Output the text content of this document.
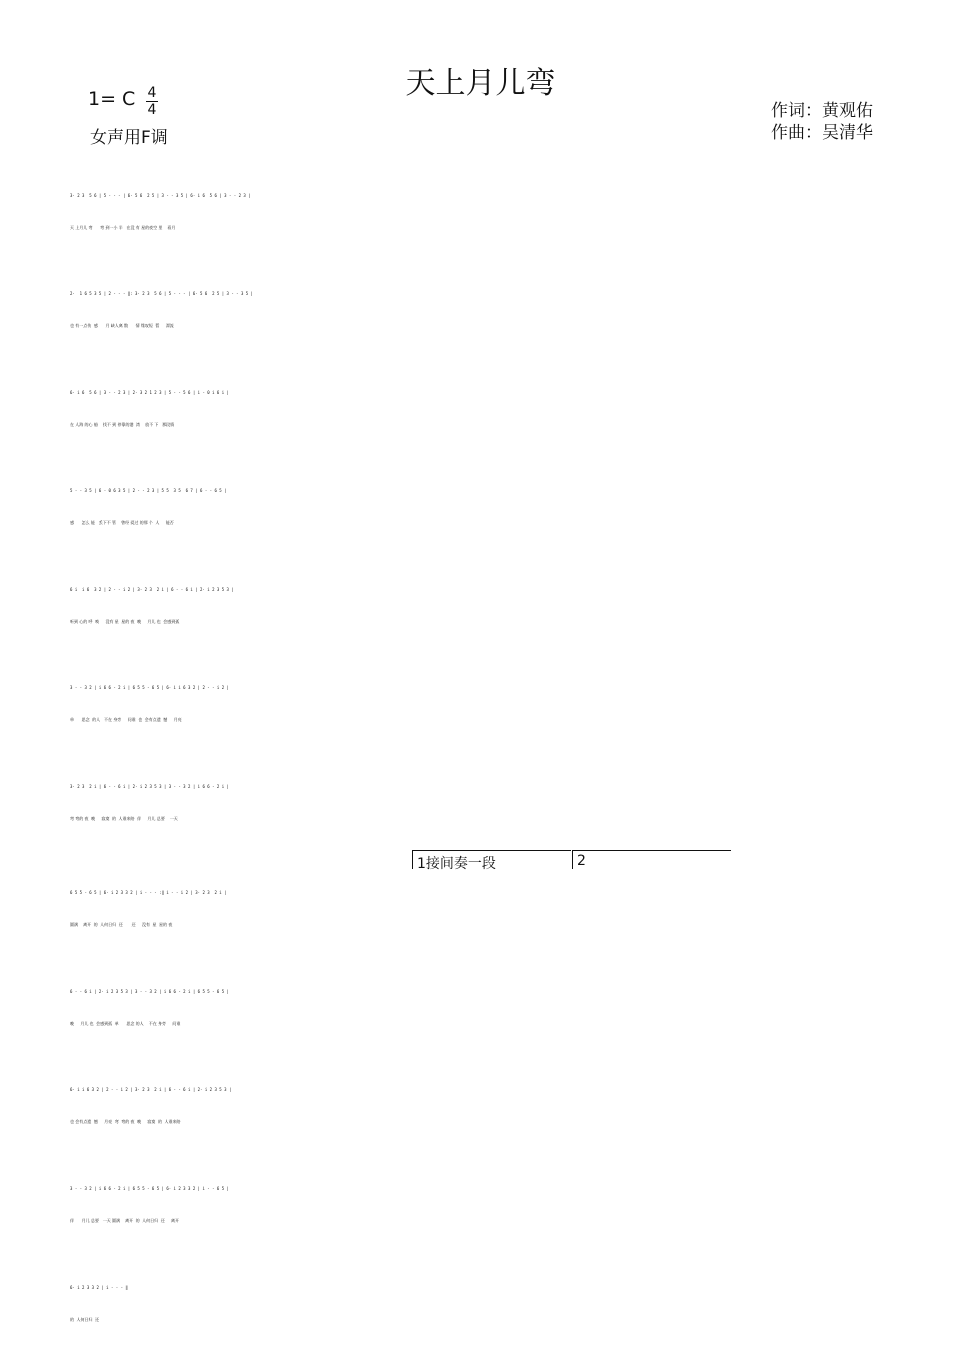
天上月儿弯
1= C 4
4
女声用F调
作词：黄观佑
作曲：吴清华
3· 2 3  5 6 | 5 - - - | 6· 5 6  2 5 | 3 - - 3 5 | 6· i 6  5 6 | 3 - - 2 3 |
天 上月儿 弯      弯 到一小 半   在没 有 星的夜空 里    看月
2·  1 6 5 3 5 | 2 - - - ‖: 3· 2 3  5 6 | 5 - - - | 6· 5 6  2 5 | 3 - - 3 5 |
也 有一点伤  感      月 缺人离 散      情 缘叹短  暂     漂流
6· i 6  5 6 | 3 - - 2 3 | 2· 3 2 1 2 3 | 5 - - 5 6 | i - 0 i 6 i |
在 人海 的心 船    找不 到 停靠的港  湾    放不 下   那段情
5 - - 3 5 | 6 - 0 6 3 5 | 2 - - 2 3 | 5 5  3 5  6 7 | 6 - - 6 5 |
感      怎么 能   丢下不 管    曾经 爱过 的那 个  人     能否
6 i  i 6  3 2 | 2 - - i 2 | 3· 2 3  2 i | 6 - - 6 i | 2· i 2 3 5 3 |
听到 心的 呼  唤     没有 星  星的 夜  晚     月儿 也  会感到孤
3 - - 3 2 | i 6 6 - 2 i | 6 5 5 - 6 5 | 6· i i 6 3 2 | 2 - - i 2 |
单      思念  的人   不在 身旁     问谁  也  会有点遗  憾     月亮
3· 2 3  2 i | 6 - - 6 i | 2· i 2 3 5 3 | 3 - - 3 2 | i 6 6 - 2 i |
弯 弯的 夜  晚     寂寞  的  人谁来陪  伴     月儿 总要    一天
1接间奏一段	2
6 5 5 - 6 5 | 6· i 2 3 3 2 | i - - - :‖ i - - i 2 | 3· 2 3  2 i |
圆满    离开  的  人何日归  还       还     没有  星  星的 夜
6 - - 6 i | 2· i 2 3 5 3 | 3 - - 3 2 | i 6 6 - 2 i | 6 5 5 - 6 5 |
晚     月儿 也  会感到孤  单      思念 的人    不在 身旁     问谁
6· i i 6 3 2 | 2 - - i 2 | 3· 2 3  2 i | 6 - - 6 i | 2· i 2 3 5 3 |
也 会有点遗  憾     月亮  弯  弯的 夜  晚     寂寞  的  人谁来陪
3 - - 3 2 | i 6 6 - 2 i | 6 5 5 - 6 5 | 6· i 2 3 3 2 | i - - 6 5 |
伴      月儿 总要   一天 圆满    离开  的  人何日归  还     离开
6· i 2 3 3 2 | i - - - ‖
的  人何日归  还
